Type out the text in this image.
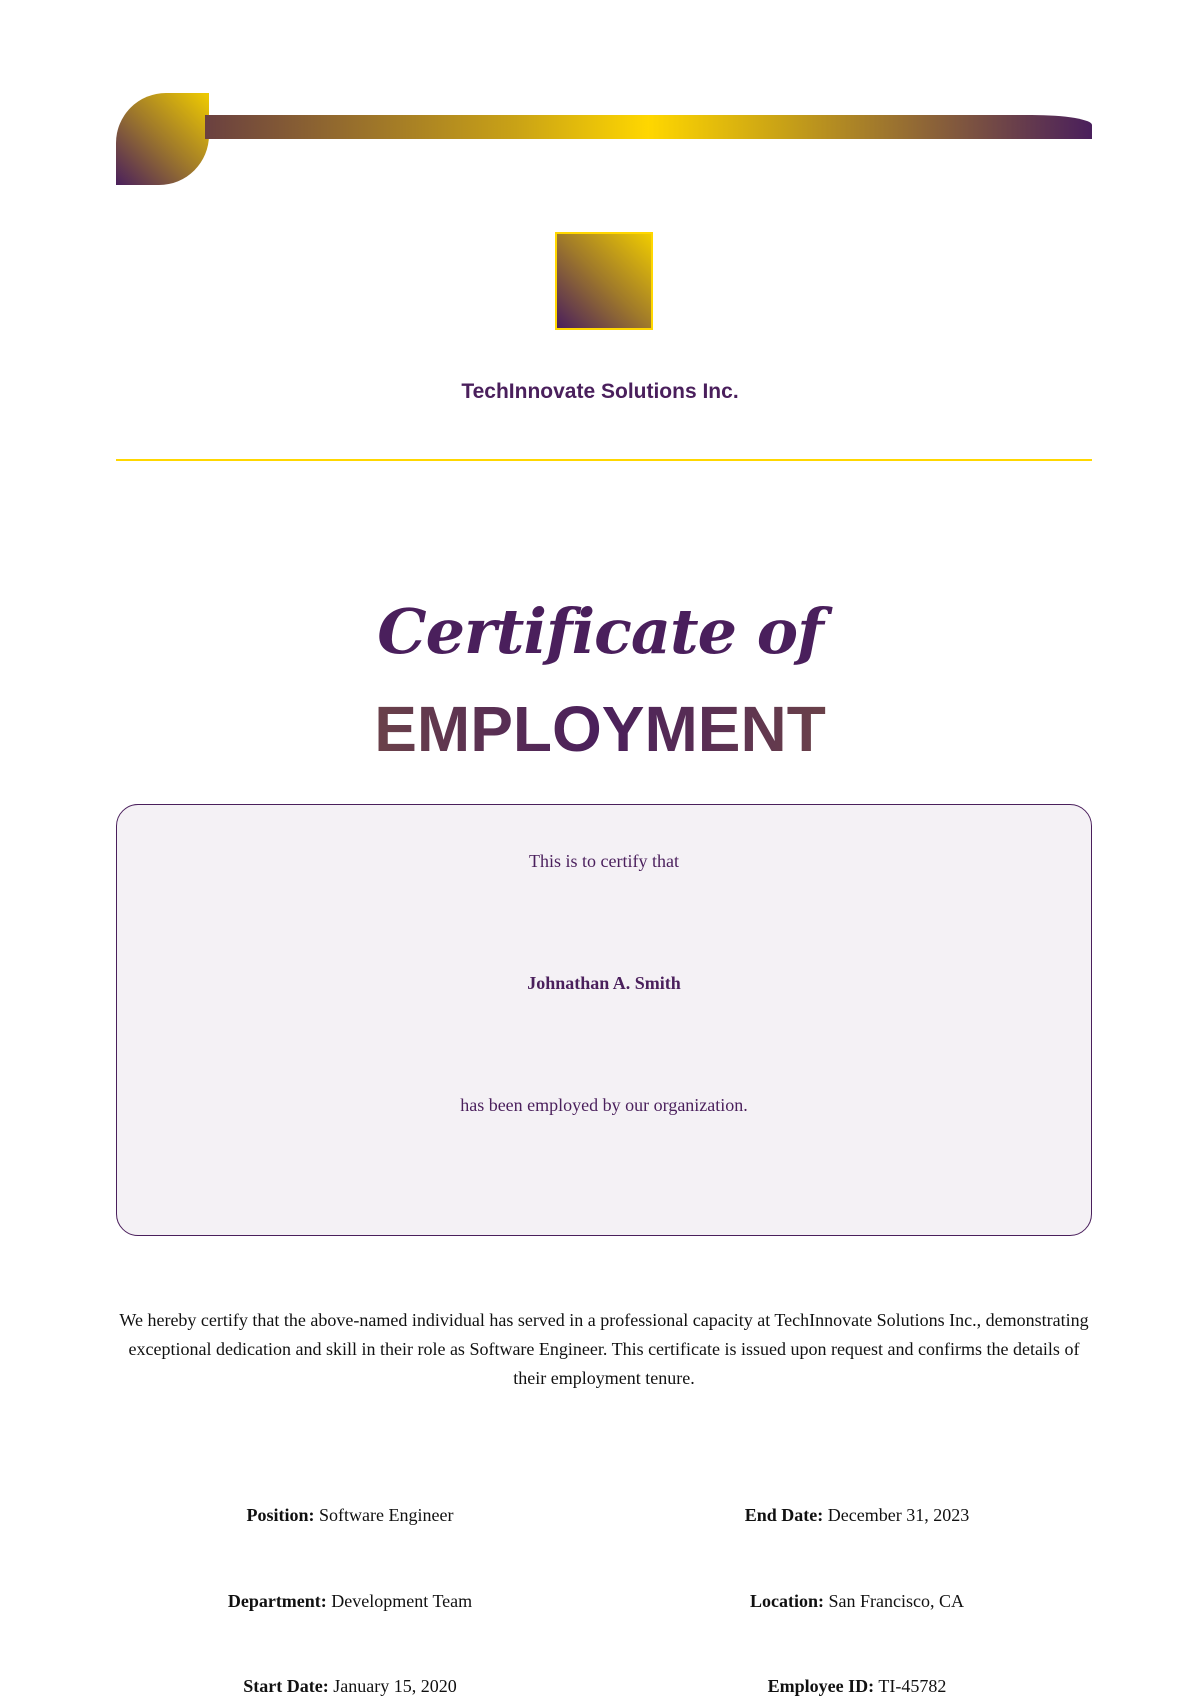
TechInnovate Solutions Inc.
Certificate of
EMPLOYMENT
This is to certify that
Johnathan A. Smith
has been employed by our organization.
We hereby certify that the above-named individual has served in a professional capacity at TechInnovate Solutions Inc., demonstrating exceptional dedication and skill in their role as Software Engineer. This certificate is issued upon request and confirms the details of their employment tenure.
Position: Software Engineer
Department: Development Team
Start Date: January 15, 2020
End Date: December 31, 2023
Location: San Francisco, CA
Employee ID: TI-45782
